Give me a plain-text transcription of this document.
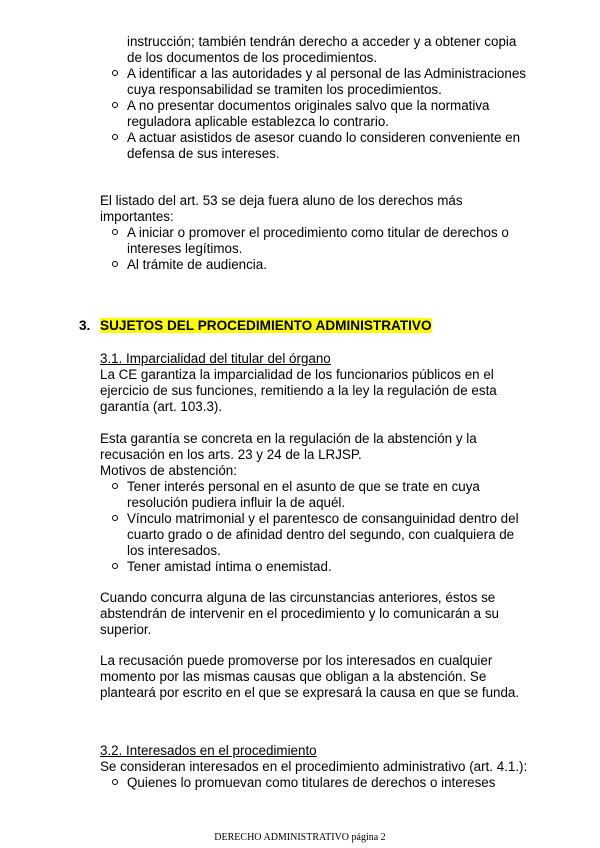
instrucción; también tendrán derecho a acceder y a obtener copia de los documentos de los procedimientos.

A identificar a las autoridades y al personal de las Administraciones cuya responsabilidad se tramiten los procedimientos.
A no presentar documentos originales salvo que la normativa reguladora aplicable establezca lo contrario.
A actuar asistidos de asesor cuando lo consideren conveniente en defensa de sus intereses.

El listado del art. 53 se deja fuera aluno de los derechos más importantes:

A iniciar o promover el procedimiento como titular de derechos o intereses legítimos.
Al trámite de audiencia.
3. SUJETOS DEL PROCEDIMIENTO ADMINISTRATIVO

3.1. Imparcialidad del titular del órgano

La CE garantiza la imparcialidad de los funcionarios públicos en el ejercicio de sus funciones, remitiendo a la ley la regulación de esta garantía (art. 103.3).

Esta garantía se concreta en la regulación de la abstención y la recusación en los arts. 23 y 24 de la LRJSP.

Motivos de abstención:

Tener interés personal en el asunto de que se trate en cuya resolución pudiera influir la de aquél.
Vínculo matrimonial y el parentesco de consanguinidad dentro del cuarto grado o de afinidad dentro del segundo, con cualquiera de los interesados.
Tener amistad íntima o enemistad.

Cuando concurra alguna de las circunstancias anteriores, éstos se abstendrán de intervenir en el procedimiento y lo comunicarán a su superior.

La recusación puede promoverse por los interesados en cualquier momento por las mismas causas que obligan a la abstención. Se planteará por escrito en el que se expresará la causa en que se funda.

3.2. Interesados en el procedimiento

Se consideran interesados en el procedimiento administrativo (art. 4.1.):

Quienes lo promuevan como titulares de derechos o intereses
DERECHO ADMINISTRATIVO página 2
